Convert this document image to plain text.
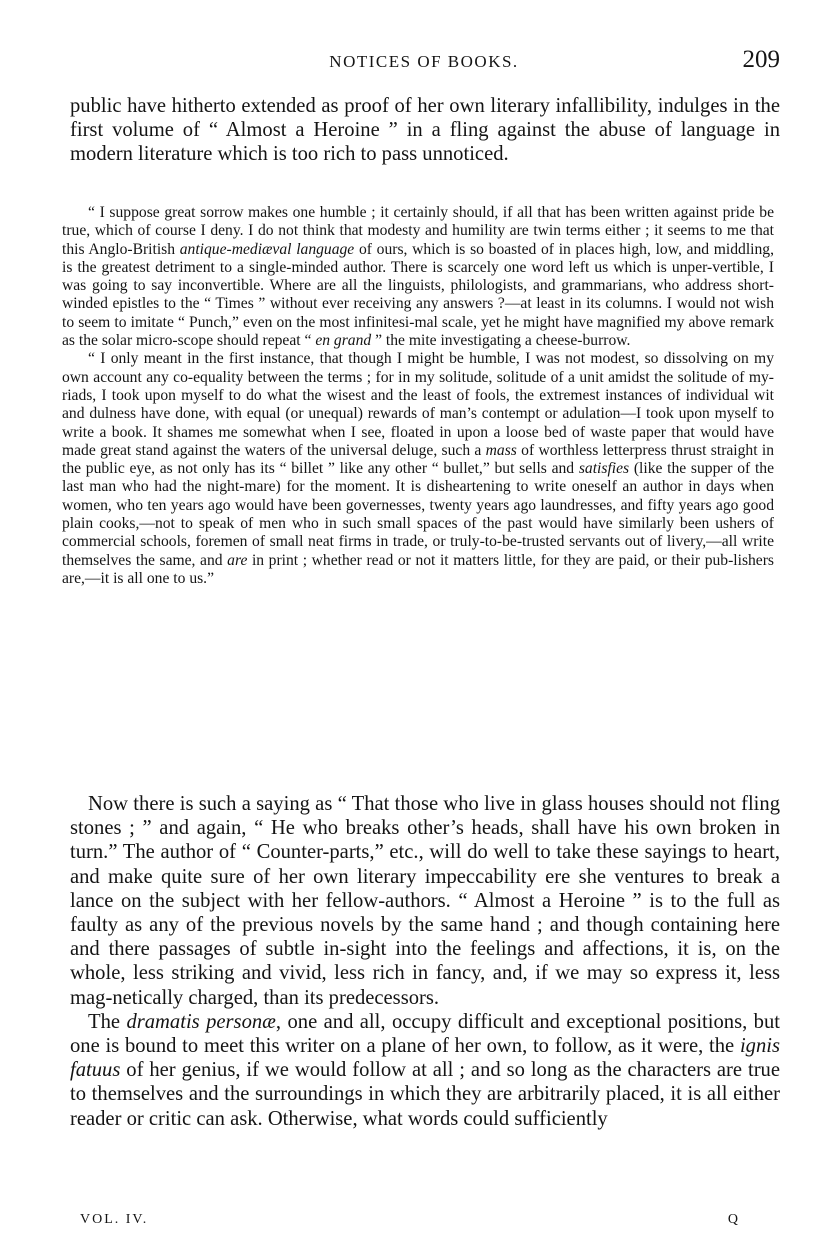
NOTICES OF BOOKS.	209

public have hitherto extended as proof of her own literary infallibility, indulges in the first volume of “ Almost a Heroine ” in a fling against the abuse of language in modern literature which is too rich to pass unnoticed.

“ I suppose great sorrow makes one humble ; it certainly should, if all that has been written against pride be true, which of course I deny. I do not think that modesty and humility are twin terms either ; it seems to me that this Anglo-British antique-mediæval language of ours, which is so boasted of in places high, low, and middling, is the greatest detriment to a single-minded author. There is scarcely one word left us which is unper-vertible, I was going to say inconvertible. Where are all the linguists, philologists, and grammarians, who address short-winded epistles to the “ Times ” without ever receiving any answers ?—at least in its columns. I would not wish to seem to imitate “ Punch,” even on the most infinitesi-mal scale, yet he might have magnified my above remark as the solar micro-scope should repeat “ en grand ” the mite investigating a cheese-burrow.

“ I only meant in the first instance, that though I might be humble, I was not modest, so dissolving on my own account any co-equality between the terms ; for in my solitude, solitude of a unit amidst the solitude of my-riads, I took upon myself to do what the wisest and the least of fools, the extremest instances of individual wit and dulness have done, with equal (or unequal) rewards of man’s contempt or adulation—I took upon myself to write a book. It shames me somewhat when I see, floated in upon a loose bed of waste paper that would have made great stand against the waters of the universal deluge, such a mass of worthless letterpress thrust straight in the public eye, as not only has its “ billet ” like any other “ bullet,” but sells and satisfies (like the supper of the last man who had the night-mare) for the moment. It is disheartening to write oneself an author in days when women, who ten years ago would have been governesses, twenty years ago laundresses, and fifty years ago good plain cooks,—not to speak of men who in such small spaces of the past would have similarly been ushers of commercial schools, foremen of small neat firms in trade, or truly-to-be-trusted servants out of livery,—all write themselves the same, and are in print ; whether read or not it matters little, for they are paid, or their pub-lishers are,—it is all one to us.”

Now there is such a saying as “ That those who live in glass houses should not fling stones ; ” and again, “ He who breaks other’s heads, shall have his own broken in turn.” The author of “ Counter-parts,” etc., will do well to take these sayings to heart, and make quite sure of her own literary impeccability ere she ventures to break a lance on the subject with her fellow-authors. “ Almost a Heroine ” is to the full as faulty as any of the previous novels by the same hand ; and though containing here and there passages of subtle in-sight into the feelings and affections, it is, on the whole, less striking and vivid, less rich in fancy, and, if we may so express it, less mag-netically charged, than its predecessors.

The dramatis personæ, one and all, occupy difficult and exceptional positions, but one is bound to meet this writer on a plane of her own, to follow, as it were, the ignis fatuus of her genius, if we would follow at all ; and so long as the characters are true to themselves and the surroundings in which they are arbitrarily placed, it is all either reader or critic can ask. Otherwise, what words could sufficiently

VOL. IV.	Q
